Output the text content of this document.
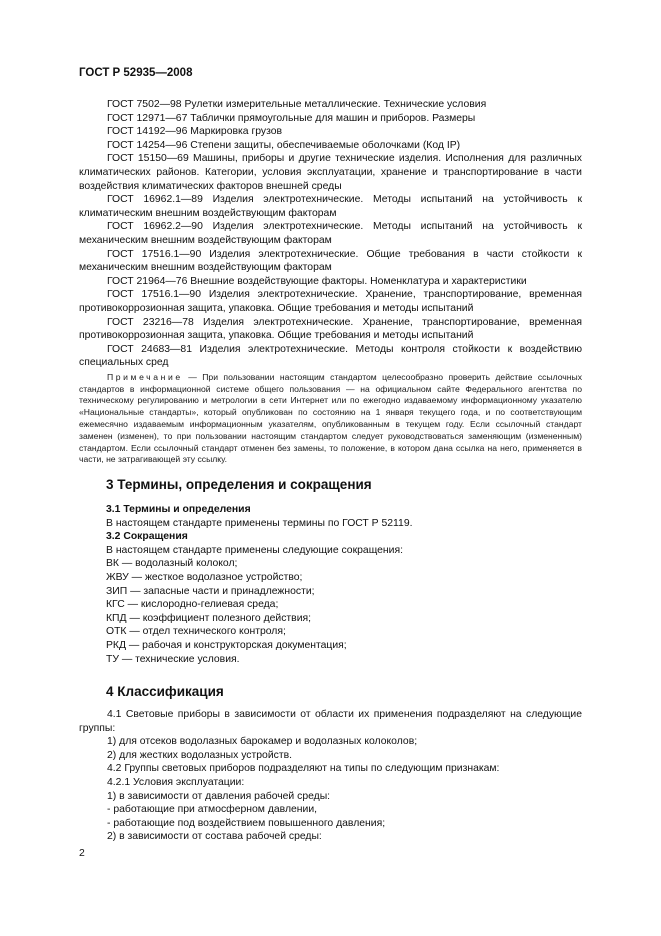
ГОСТ Р 52935—2008

ГОСТ 7502—98 Рулетки измерительные металлические. Технические условия

ГОСТ 12971—67 Таблички прямоугольные для машин и приборов. Размеры

ГОСТ 14192—96 Маркировка грузов

ГОСТ 14254—96 Степени защиты, обеспечиваемые оболочками (Код IP)

ГОСТ 15150—69 Машины, приборы и другие технические изделия. Исполнения для различных климатических районов. Категории, условия эксплуатации, хранение и транспортирование в части воздействия климатических факторов внешней среды

ГОСТ 16962.1—89 Изделия электротехнические. Методы испытаний на устойчивость к климатическим внешним воздействующим факторам

ГОСТ 16962.2—90 Изделия электротехнические. Методы испытаний на устойчивость к механическим внешним воздействующим факторам

ГОСТ 17516.1—90 Изделия электротехнические. Общие требования в части стойкости к механическим внешним воздействующим факторам

ГОСТ 21964—76 Внешние воздействующие факторы. Номенклатура и характеристики

ГОСТ 17516.1—90 Изделия электротехнические. Хранение, транспортирование, временная противокоррозионная защита, упаковка. Общие требования и методы испытаний

ГОСТ 23216—78 Изделия электротехнические. Хранение, транспортирование, временная противокоррозионная защита, упаковка. Общие требования и методы испытаний

ГОСТ 24683—81 Изделия электротехнические. Методы контроля стойкости к воздействию специальных сред

Примечание — При пользовании настоящим стандартом целесообразно проверить действие ссылочных стандартов в информационной системе общего пользования — на официальном сайте Федерального агентства по техническому регулированию и метрологии в сети Интернет или по ежегодно издаваемому информационному указателю «Национальные стандарты», который опубликован по состоянию на 1 января текущего года, и по соответствующим ежемесячно издаваемым информационным указателям, опубликованным в текущем году. Если ссылочный стандарт заменен (изменен), то при пользовании настоящим стандартом следует руководствоваться заменяющим (измененным) стандартом. Если ссылочный стандарт отменен без замены, то положение, в котором дана ссылка на него, применяется в части, не затрагивающей эту ссылку.

3 Термины, определения и сокращения
3.1 Термины и определения
В настоящем стандарте применены термины по ГОСТ Р 52119.
3.2 Сокращения
В настоящем стандарте применены следующие сокращения:
ВК — водолазный колокол;
ЖВУ — жесткое водолазное устройство;
ЗИП — запасные части и принадлежности;
КГС — кислородно-гелиевая среда;
КПД — коэффициент полезного действия;
ОТК — отдел технического контроля;
РКД — рабочая и конструкторская документация;
ТУ — технические условия.
4 Классификация

4.1 Световые приборы в зависимости от области их применения подразделяют на следующие группы:

1) для отсеков водолазных барокамер и водолазных колоколов;

2) для жестких водолазных устройств.

4.2 Группы световых приборов подразделяют на типы по следующим признакам:

4.2.1 Условия эксплуатации:

1) в зависимости от давления рабочей среды:

- работающие при атмосферном давлении,

- работающие под воздействием повышенного давления;

2) в зависимости от состава рабочей среды:

2
